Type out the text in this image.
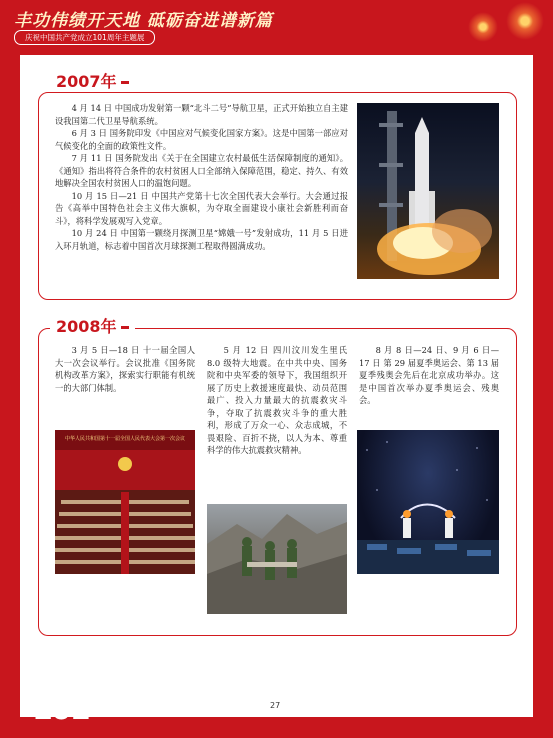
丰功伟绩开天地 砥砺奋进谱新篇
庆祝中国共产党成立101周年主题展
2007年
4 月 14 日 中国成功发射第一颗“北斗二号”导航卫星，正式开始独立自主建设我国第二代卫星导航系统。
6 月 3 日 国务院印发《中国应对气候变化国家方案》。这是中国第一部应对气候变化的全面的政策性文件。
7 月 11 日 国务院发出《关于在全国建立农村最低生活保障制度的通知》。《通知》指出将符合条件的农村贫困人口全部纳入保障范围，稳定、持久、有效地解决全国农村贫困人口的温饱问题。
10 月 15 日—21 日 中国共产党第十七次全国代表大会举行。大会通过报告《高举中国特色社会主义伟大旗帜，为夺取全面建设小康社会新胜利而奋斗》，将科学发展观写入党章。
10 月 24 日 中国第一颗绕月探测卫星“嫦娥一号”发射成功，11 月 5 日进入环月轨道，标志着中国首次月球探测工程取得圆满成功。
2008年
3 月 5 日—18 日 十一届全国人大一次会议举行。会议批准《国务院机构改革方案》，探索实行职能有机统一的大部门体制。
5 月 12 日 四川汶川发生里氏 8.0 级特大地震。在中共中央、国务院和中央军委的领导下，我国组织开展了历史上救援速度最快、动员范围最广、投入力量最大的抗震救灾斗争，夺取了抗震救灾斗争的重大胜利，形成了万众一心、众志成城，不畏艰险、百折不挠，以人为本、尊重科学的伟大抗震救灾精神。
8 月 8 日—24 日、9 月 6 日—17 日 第 29 届夏季奥运会、第 13 届夏季残奥会先后在北京成功举办。这是中国首次举办夏季奥运会、残奥会。
中华人民共和国第十一届全国人民代表大会第一次会议
101	27
